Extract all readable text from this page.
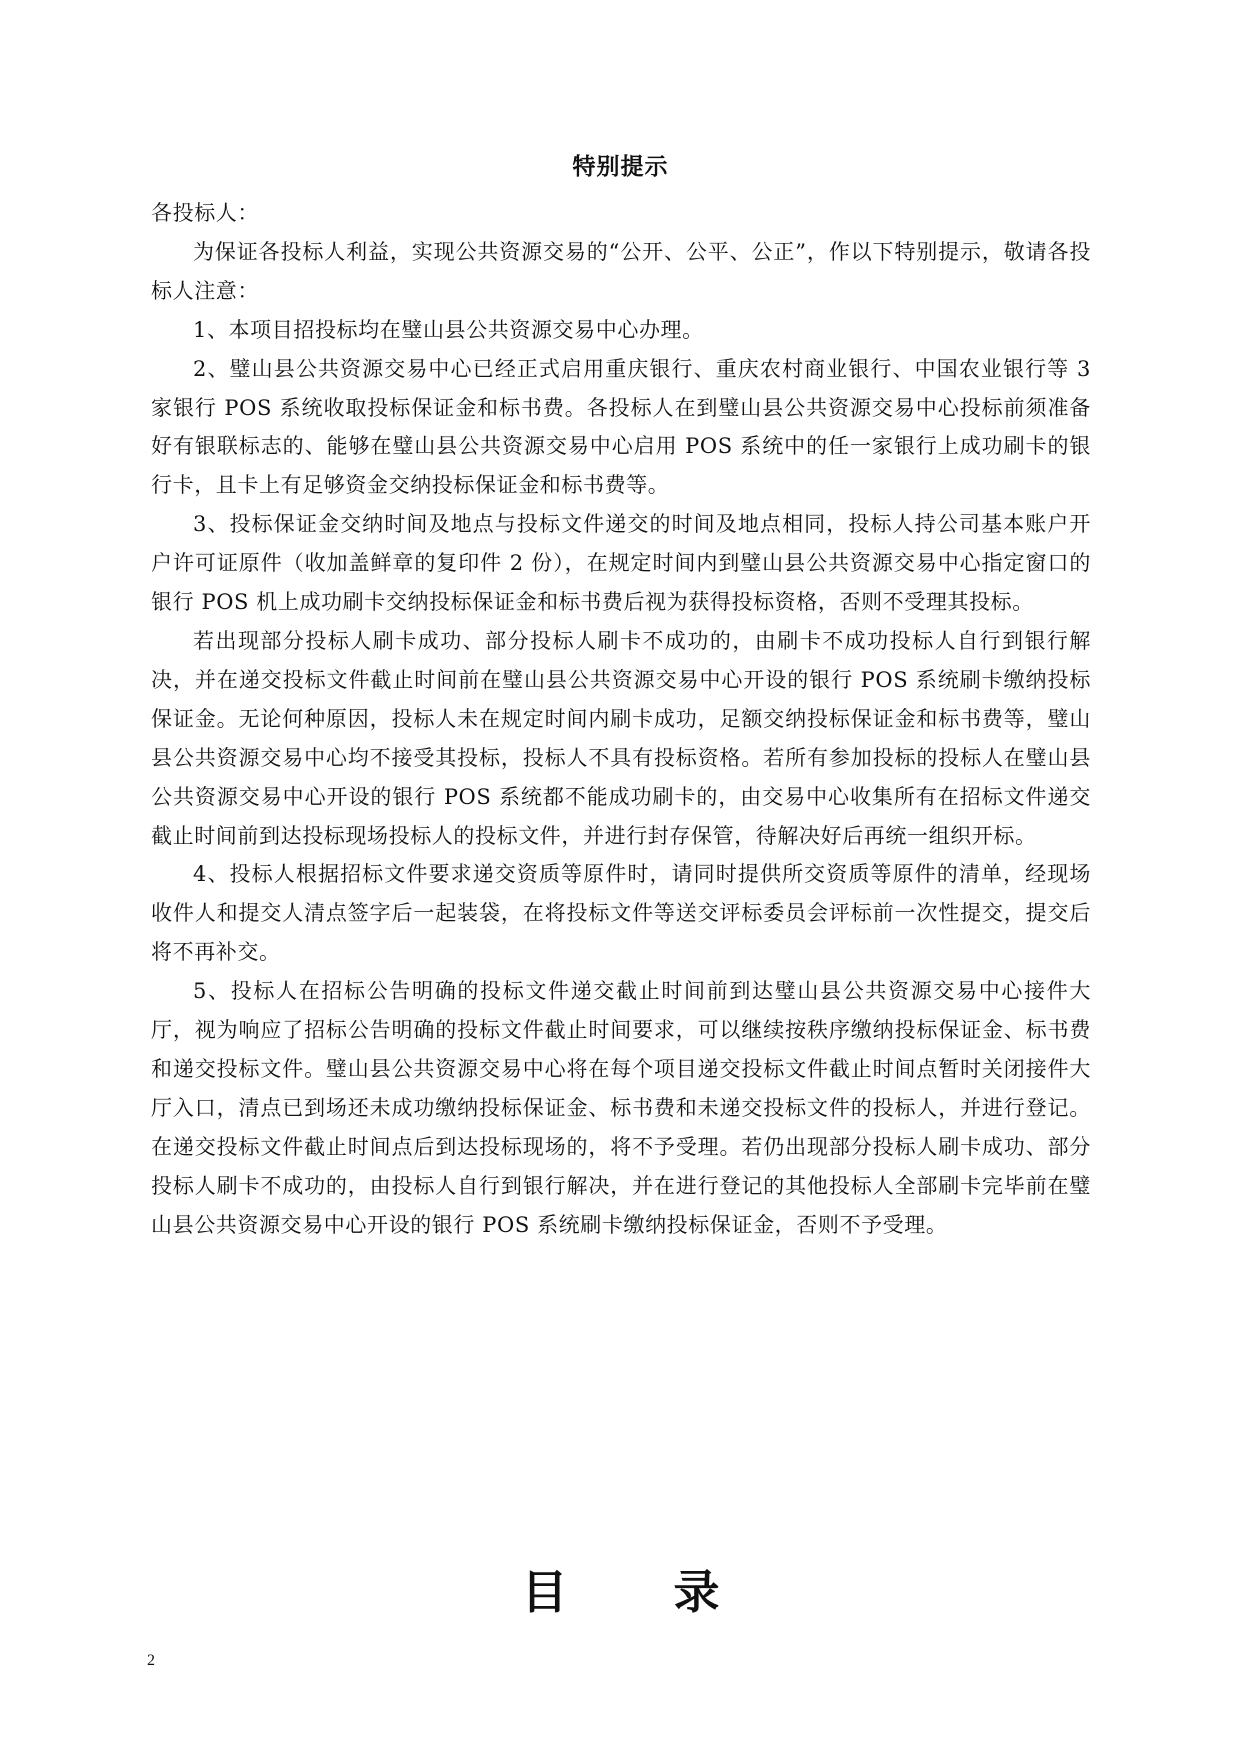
特别提示

各投标人：

为保证各投标人利益，实现公共资源交易的“公开、公平、公正”，作以下特别提示，敬请各投标人注意：

1、本项目招投标均在璧山县公共资源交易中心办理。

2、璧山县公共资源交易中心已经正式启用重庆银行、重庆农村商业银行、中国农业银行等 3 家银行 POS 系统收取投标保证金和标书费。各投标人在到璧山县公共资源交易中心投标前须准备好有银联标志的、能够在璧山县公共资源交易中心启用 POS 系统中的任一家银行上成功刷卡的银行卡，且卡上有足够资金交纳投标保证金和标书费等。

3、投标保证金交纳时间及地点与投标文件递交的时间及地点相同，投标人持公司基本账户开户许可证原件（收加盖鲜章的复印件 2 份），在规定时间内到璧山县公共资源交易中心指定窗口的银行 POS 机上成功刷卡交纳投标保证金和标书费后视为获得投标资格，否则不受理其投标。

若出现部分投标人刷卡成功、部分投标人刷卡不成功的，由刷卡不成功投标人自行到银行解决，并在递交投标文件截止时间前在璧山县公共资源交易中心开设的银行 POS 系统刷卡缴纳投标保证金。无论何种原因，投标人未在规定时间内刷卡成功，足额交纳投标保证金和标书费等，璧山县公共资源交易中心均不接受其投标，投标人不具有投标资格。若所有参加投标的投标人在璧山县公共资源交易中心开设的银行 POS 系统都不能成功刷卡的，由交易中心收集所有在招标文件递交截止时间前到达投标现场投标人的投标文件，并进行封存保管，待解决好后再统一组织开标。

4、投标人根据招标文件要求递交资质等原件时，请同时提供所交资质等原件的清单，经现场收件人和提交人清点签字后一起装袋，在将投标文件等送交评标委员会评标前一次性提交，提交后将不再补交。

5、投标人在招标公告明确的投标文件递交截止时间前到达璧山县公共资源交易中心接件大厅，视为响应了招标公告明确的投标文件截止时间要求，可以继续按秩序缴纳投标保证金、标书费和递交投标文件。璧山县公共资源交易中心将在每个项目递交投标文件截止时间点暂时关闭接件大厅入口，清点已到场还未成功缴纳投标保证金、标书费和未递交投标文件的投标人，并进行登记。在递交投标文件截止时间点后到达投标现场的，将不予受理。若仍出现部分投标人刷卡成功、部分投标人刷卡不成功的，由投标人自行到银行解决，并在进行登记的其他投标人全部刷卡完毕前在璧山县公共资源交易中心开设的银行 POS 系统刷卡缴纳投标保证金，否则不予受理。

目 录
2
